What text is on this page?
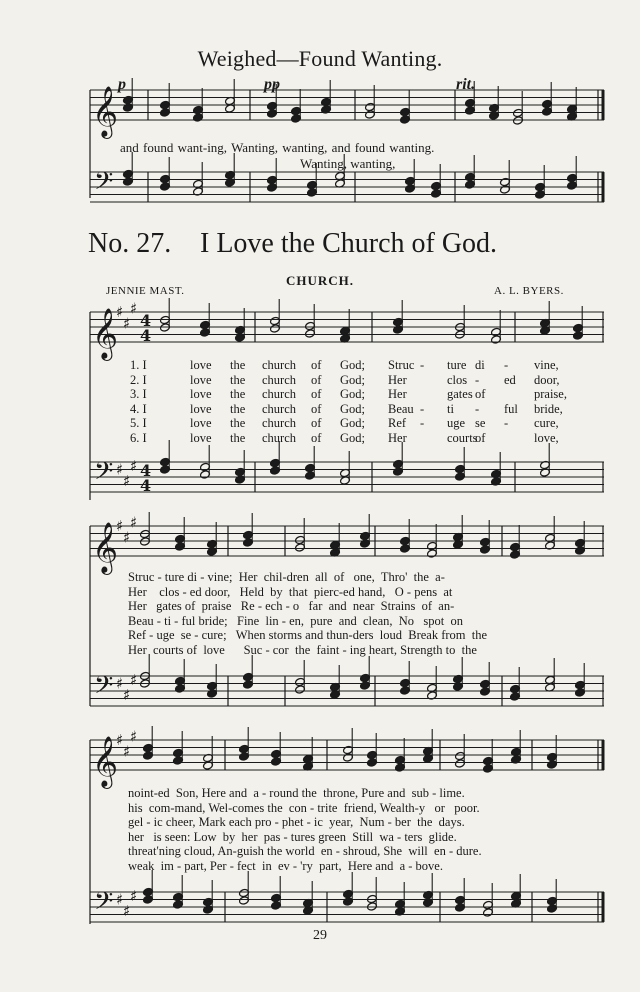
𝄞
𝄢
𝄞
♯
♯
♯
4
4
𝄢 ♯
♯
♯ 4
4
𝄞
♯
♯
♯
𝄢 ♯
♯
♯
𝄞
♯
♯
♯
𝄢 ♯
♯
♯
Weighed—Found Wanting.
p	pp	rit.
and found want-ing, Wanting, wanting, and found wanting.
Wanting, wanting,
No. 27. I Love the Church of God.
CHURCH.
JENNIE MAST.	A. L. BYERS.
1. I	love the church of God; Struc - ture di - vine,
2. I	love the church of God; Her	clos - ed door,
3. I	love the church of God; Her	gates of	praise,
4. I	love the church of God; Beau - ti - ful bride,
5. I	love the church of God; Ref - uge se - cure,
6. I	love the church of God; Her	courts
of	love,
Struc - ture di - vine;  Her  chil-dren  all  of   one,  Thro'  the  a-
Her    clos - ed door,   Held  by  that  pierc-ed hand,   O - pens  at
Her   gates of  praise   Re - ech - o   far  and  near  Strains  of  an-
Beau - ti - ful bride;   Fine  lin - en,  pure  and  clean,  No   spot  on
Ref - uge  se - cure;   When storms and thun-ders  loud  Break from  the
Her  courts of  love      Suc - cor  the  faint - ing heart, Strength to  the
noint-ed  Son, Here and  a - round the  throne, Pure and  sub - lime.
his  com-mand, Wel-comes the  con - trite  friend, Wealth-y   or   poor.
gel - ic cheer, Mark each pro - phet - ic  year,  Num - ber  the  days.
her   is seen: Low  by  her  pas - tures green  Still  wa - ters  glide.
threat'ning cloud, An-guish the world  en - shroud, She  will  en - dure.
weak  im - part, Per - fect  in  ev - 'ry  part,  Here and  a - bove.
29
